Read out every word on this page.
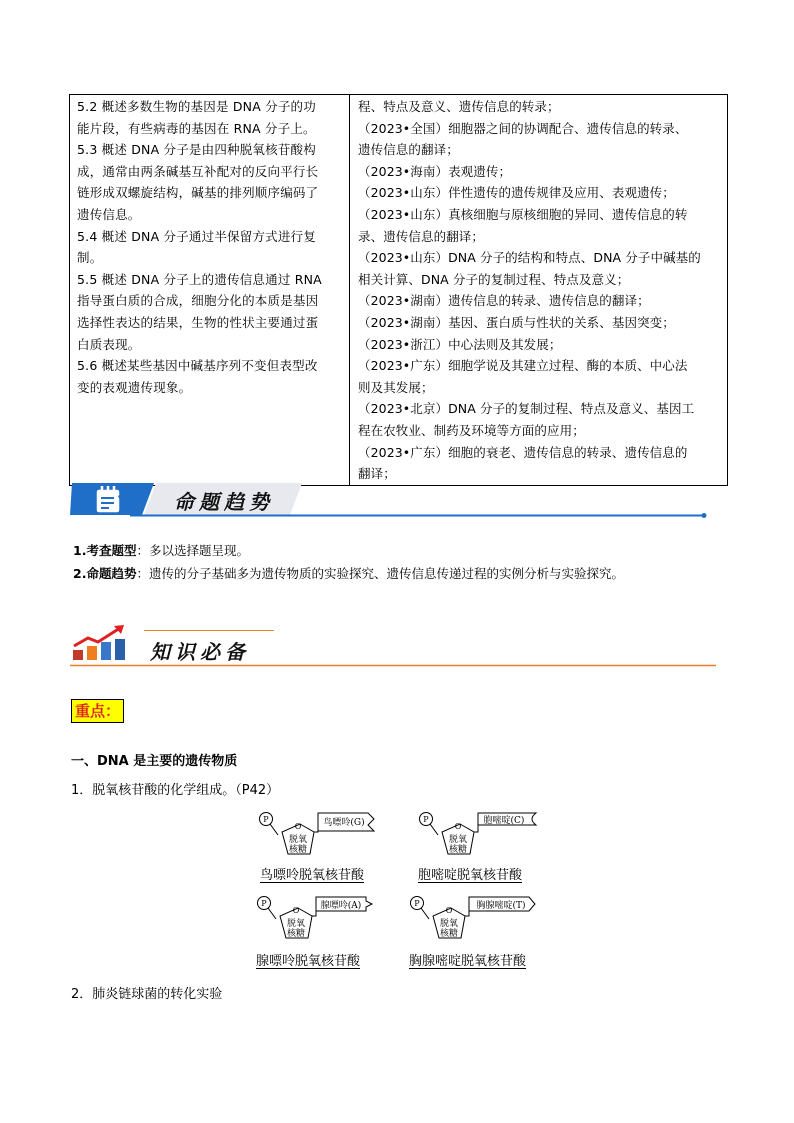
5.2 概述多数生物的基因是 DNA 分子的功
能片段，有些病毒的基因在 RNA 分子上。
5.3 概述 DNA 分子是由四种脱氧核苷酸构
成，通常由两条碱基互补配对的反向平行长
链形成双螺旋结构，碱基的排列顺序编码了
遗传信息。
5.4 概述 DNA 分子通过半保留方式进行复
制。
5.5 概述 DNA 分子上的遗传信息通过 RNA
指导蛋白质的合成，细胞分化的本质是基因
选择性表达的结果，生物的性状主要通过蛋
白质表现。
5.6 概述某些基因中碱基序列不变但表型改
变的表观遗传现象。

程、特点及意义、遗传信息的转录；
（2023•全国）细胞器之间的协调配合、遗传信息的转录、
遗传信息的翻译；
（2023•海南）表观遗传；
（2023•山东）伴性遗传的遗传规律及应用、表观遗传；
（2023•山东）真核细胞与原核细胞的异同、遗传信息的转
录、遗传信息的翻译；
（2023•山东）DNA 分子的结构和特点、DNA 分子中碱基的
相关计算、DNA 分子的复制过程、特点及意义；
（2023•湖南）遗传信息的转录、遗传信息的翻译；
（2023•湖南）基因、蛋白质与性状的关系、基因突变；
（2023•浙江）中心法则及其发展；
（2023•广东）细胞学说及其建立过程、酶的本质、中心法
则及其发展；
（2023•北京）DNA 分子的复制过程、特点及意义、基因工
程在农牧业、制药及环境等方面的应用；
（2023•广东）细胞的衰老、遗传信息的转录、遗传信息的
翻译；
命题趋势
1.考查题型：多以选择题呈现。
2.命题趋势：遗传的分子基础多为遗传物质的实验探究、遗传信息传递过程的实例分析与实验探究。
知识必备
重点：
一、DNA 是主要的遗传物质
1．脱氧核苷酸的化学组成。（P42）
P
O
脱氧
核糖
鸟嘌呤(G)
鸟嘌呤脱氧核苷酸
P
O
脱氧
核糖
胞嘧啶(C)
胞嘧啶脱氧核苷酸
P
O
脱氧
核糖
腺嘌呤(A)
腺嘌呤脱氧核苷酸
P
O
脱氧
核糖
胸腺嘧啶(T)
胸腺嘧啶脱氧核苷酸
2．肺炎链球菌的转化实验
